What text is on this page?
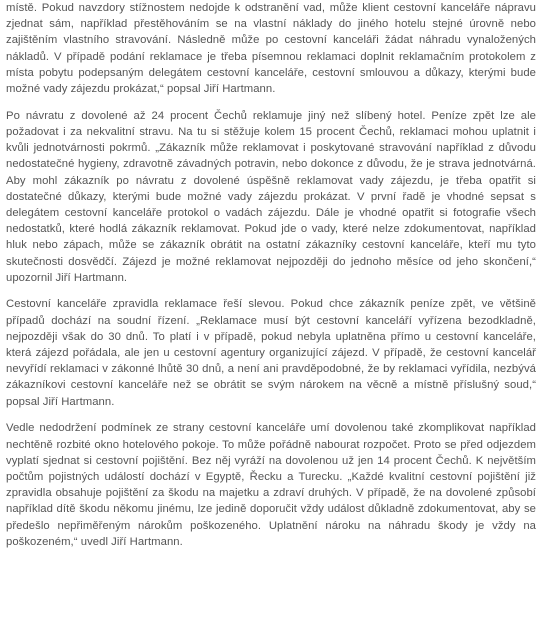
místě. Pokud navzdory stížnostem nedojde k odstranění vad, může klient cestovní kanceláře nápravu zjednat sám, například přestěhováním se na vlastní náklady do jiného hotelu stejné úrovně nebo zajištěním vlastního stravování. Následně může po cestovní kanceláři žádat náhradu vynaložených nákladů. V případě podání reklamace je třeba písemnou reklamaci doplnit reklamačním protokolem z místa pobytu podepsaným delegátem cestovní kanceláře, cestovní smlouvou a důkazy, kterými bude možné vady zájezdu prokázat,“ popsal Jiří Hartmann.

Po návratu z dovolené až 24 procent Čechů reklamuje jiný než slíbený hotel. Peníze zpět lze ale požadovat i za nekvalitní stravu. Na tu si stěžuje kolem 15 procent Čechů, reklamaci mohou uplatnit i kvůli jednotvárnosti pokrmů. „Zákazník může reklamovat i poskytované stravování například z důvodu nedostatečné hygieny, zdravotně závadných potravin, nebo dokonce z důvodu, že je strava jednotvárná. Aby mohl zákazník po návratu z dovolené úspěšně reklamovat vady zájezdu, je třeba opatřit si dostatečné důkazy, kterými bude možné vady zájezdu prokázat. V první řadě je vhodné sepsat s delegátem cestovní kanceláře protokol o vadách zájezdu. Dále je vhodné opatřit si fotografie všech nedostatků, které hodlá zákazník reklamovat. Pokud jde o vady, které nelze zdokumentovat, například hluk nebo zápach, může se zákazník obrátit na ostatní zákazníky cestovní kanceláře, kteří mu tyto skutečnosti dosvědčí. Zájezd je možné reklamovat nejpozději do jednoho měsíce od jeho skončení,“ upozornil Jiří Hartmann.

Cestovní kanceláře zpravidla reklamace řeší slevou. Pokud chce zákazník peníze zpět, ve většině případů dochází na soudní řízení. „Reklamace musí být cestovní kanceláří vyřízena bezodkladně, nejpozději však do 30 dnů. To platí i v případě, pokud nebyla uplatněna přímo u cestovní kanceláře, která zájezd pořádala, ale jen u cestovní agentury organizující zájezd. V případě, že cestovní kancelář nevyřídí reklamaci v zákonné lhůtě 30 dnů, a není ani pravděpodobné, že by reklamaci vyřídila, nezbývá zákazníkovi cestovní kanceláře než se obrátit se svým nárokem na věcně a místně příslušný soud,“ popsal Jiří Hartmann.

Vedle nedodržení podmínek ze strany cestovní kanceláře umí dovolenou také zkomplikovat například nechtěně rozbité okno hotelového pokoje. To může pořádně nabourat rozpočet. Proto se před odjezdem vyplatí sjednat si cestovní pojištění. Bez něj vyráží na dovolenou už jen 14 procent Čechů. K největším počtům pojistných událostí dochází v Egyptě, Řecku a Turecku. „Každé kvalitní cestovní pojištění již zpravidla obsahuje pojištění za škodu na majetku a zdraví druhých. V případě, že na dovolené způsobí například dítě škodu někomu jinému, lze jedině doporučit vždy událost důkladně zdokumentovat, aby se předešlo nepřiměřeným nárokům poškozeného. Uplatnění nároku na náhradu škody je vždy na poškozeném,“ uvedl Jiří Hartmann.
